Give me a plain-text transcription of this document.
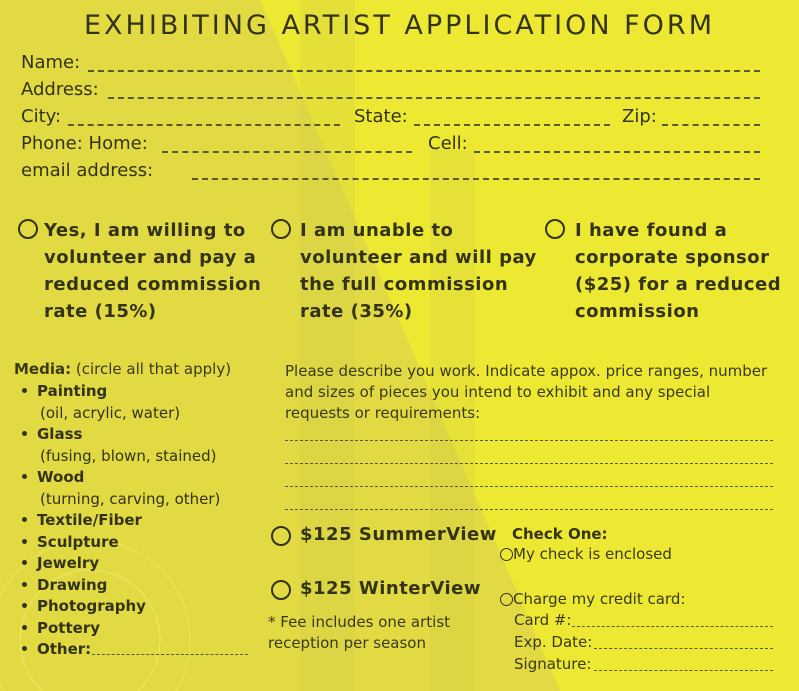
EXHIBITING ARTIST APPLICATION FORM
Name:
Address:
City:	State:	Zip:
Phone: Home:	Cell:
email address:
Yes, I am willing to
volunteer and pay a
reduced commission
rate (15%)
I am unable to
volunteer and will pay
the full commission
rate (35%)
I have found a
corporate sponsor
($25) for a reduced
commission
Media: (circle all that apply)
Painting
(oil, acrylic, water)
Glass
(fusing, blown, stained)
Wood
(turning, carving, other)
Textile/Fiber
Sculpture
Jewelry
Drawing
Photography
Pottery
Other:
Please describe you work. Indicate appox. price ranges, number
and sizes of pieces you intend to exhibit and any special
requests or requirements:
$125 SummerView
$125 WinterView
* Fee includes one artist
reception per season
Check One:
My check is enclosed
Charge my credit card:
Card #:
Exp. Date:
Signature:
